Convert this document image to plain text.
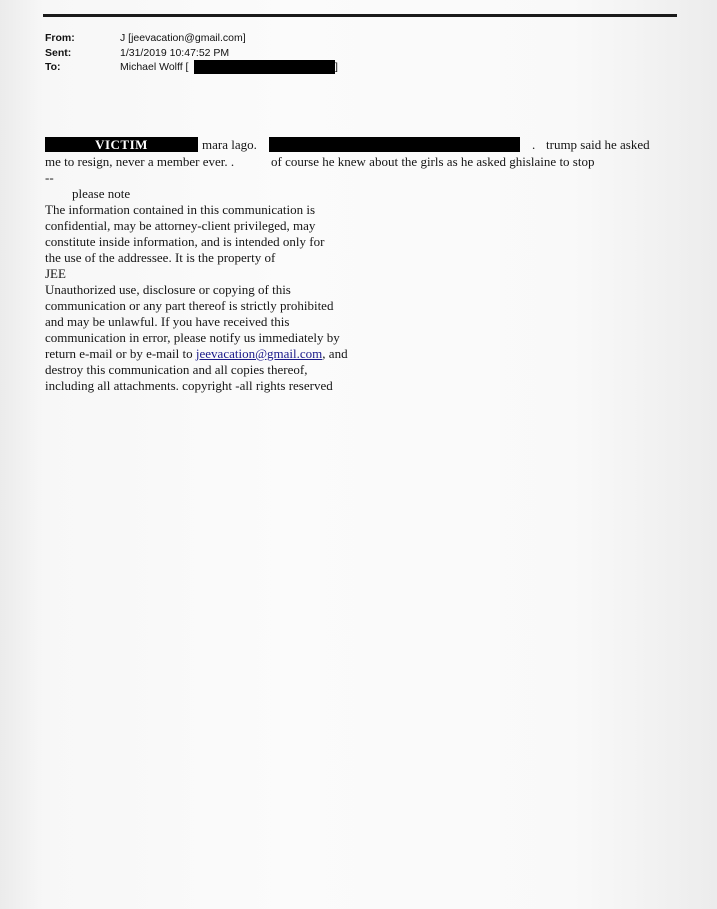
From:	J [jeevacation@gmail.com]
Sent:	1/31/2019 10:47:52 PM
To:	Michael Wolff [	]
VICTIM	mara lago.	. trump said he asked
me to resign, never a member ever. .	of course he knew about the girls as he asked ghislaine to stop
--
please note
The information contained in this communication is
confidential, may be attorney-client privileged, may
constitute inside information, and is intended only for
the use of the addressee. It is the property of
JEE
Unauthorized use, disclosure or copying of this
communication or any part thereof is strictly prohibited
and may be unlawful. If you have received this
communication in error, please notify us immediately by
return e-mail or by e-mail to jeevacation@gmail.com, and
destroy this communication and all copies thereof,
including all attachments. copyright -all rights reserved
